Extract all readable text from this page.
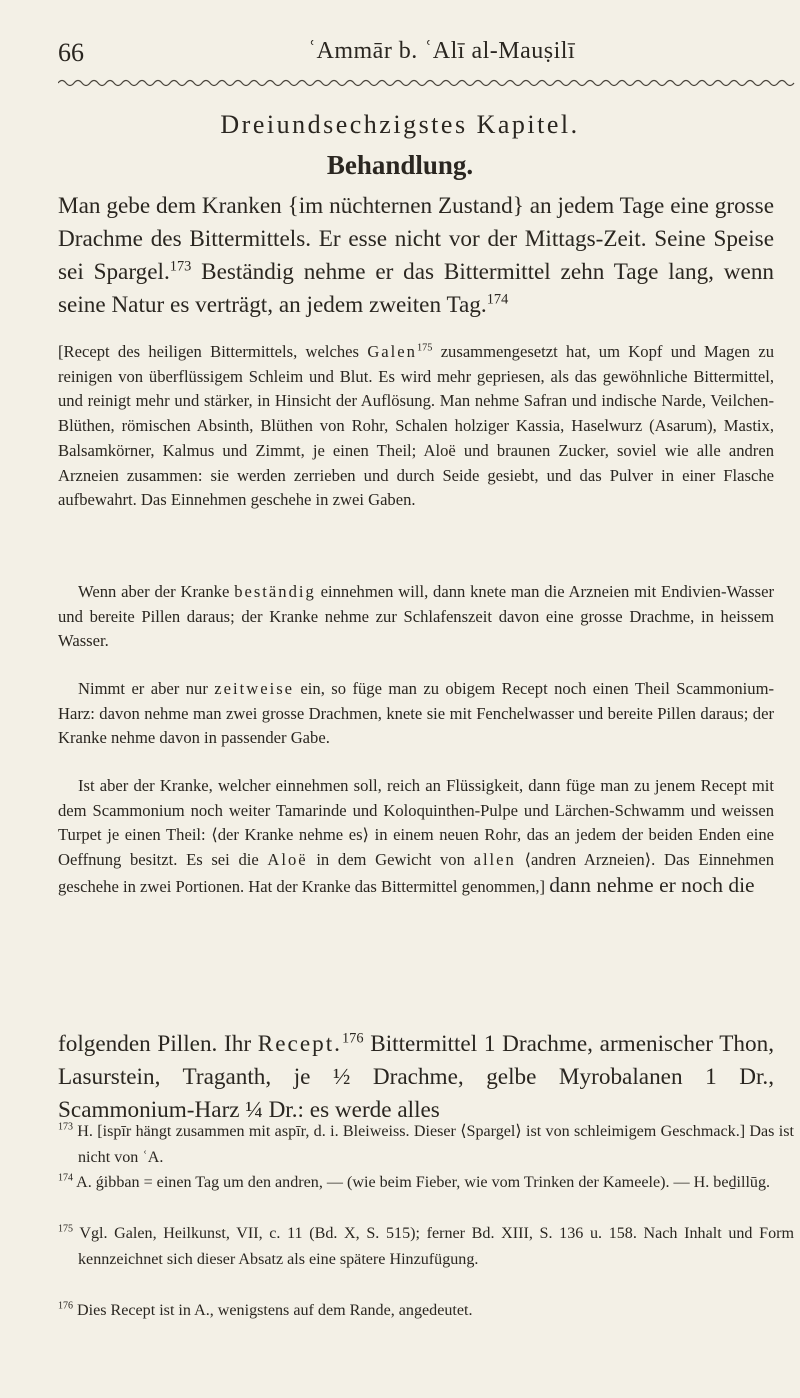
66	ʿAmmār b. ʿAlī al-Mauṣilī
Dreiundsechzigstes Kapitel.
Behandlung.

Man gebe dem Kranken {im nüchternen Zustand} an jedem Tage eine grosse Drachme des Bittermittels. Er esse nicht vor der Mittags-Zeit. Seine Speise sei Spargel.$^{173}$ Beständig nehme er das Bittermittel zehn Tage lang, wenn seine Natur es verträgt, an jedem zweiten Tag.$^{174}$

[Recept des heiligen Bittermittels, welches Galen$^{175}$ zusammengesetzt hat, um Kopf und Magen zu reinigen von überflüssigem Schleim und Blut. Es wird mehr gepriesen, als das gewöhnliche Bittermittel, und reinigt mehr und stärker, in Hinsicht der Auflösung. Man nehme Safran und indische Narde, Veilchen-Blüthen, römischen Absinth, Blüthen von Rohr, Schalen holziger Kassia, Haselwurz (Asarum), Mastix, Balsamkörner, Kalmus und Zimmt, je einen Theil; Aloë und braunen Zucker, soviel wie alle andren Arzneien zusammen: sie werden zerrieben und durch Seide gesiebt, und das Pulver in einer Flasche aufbewahrt. Das Einnehmen geschehe in zwei Gaben.

Wenn aber der Kranke beständig einnehmen will, dann knete man die Arzneien mit Endivien-Wasser und bereite Pillen daraus; der Kranke nehme zur Schlafenszeit davon eine grosse Drachme, in heissem Wasser.

Nimmt er aber nur zeitweise ein, so füge man zu obigem Recept noch einen Theil Scammonium-Harz: davon nehme man zwei grosse Drachmen, knete sie mit Fenchelwasser und bereite Pillen daraus; der Kranke nehme davon in passender Gabe.

Ist aber der Kranke, welcher einnehmen soll, reich an Flüssigkeit, dann füge man zu jenem Recept mit dem Scammonium noch weiter Tamarinde und Koloquinthen-Pulpe und Lärchen-Schwamm und weissen Turpet je einen Theil: ⟨der Kranke nehme es⟩ in einem neuen Rohr, das an jedem der beiden Enden eine Oeffnung besitzt. Es sei die Aloë in dem Gewicht von allen ⟨andren Arzneien⟩. Das Einnehmen geschehe in zwei Portionen. Hat der Kranke das Bittermittel genommen,] dann nehme er noch die

folgenden Pillen. Ihr Recept.$^{176}$ Bittermittel 1 Drachme, armenischer Thon, Lasurstein, Traganth, je ½ Drachme, gelbe Myrobalanen 1 Dr., Scammonium-Harz ¼ Dr.: es werde alles

$^{173}$ H. [ispīr hängt zusammen mit aspīr, d. i. Bleiweiss. Dieser ⟨Spargel⟩ ist von schleimigem Geschmack.] Das ist nicht von ʿA.

$^{174}$ A. ǵibban = einen Tag um den andren, — (wie beim Fieber, wie vom Trinken der Kameele). — H. beḏillūg.

$^{175}$ Vgl. Galen, Heilkunst, VII, c. 11 (Bd. X, S. 515); ferner Bd. XIII, S. 136 u. 158. Nach Inhalt und Form kennzeichnet sich dieser Absatz als eine spätere Hinzufügung.

$^{176}$ Dies Recept ist in A., wenigstens auf dem Rande, angedeutet.
